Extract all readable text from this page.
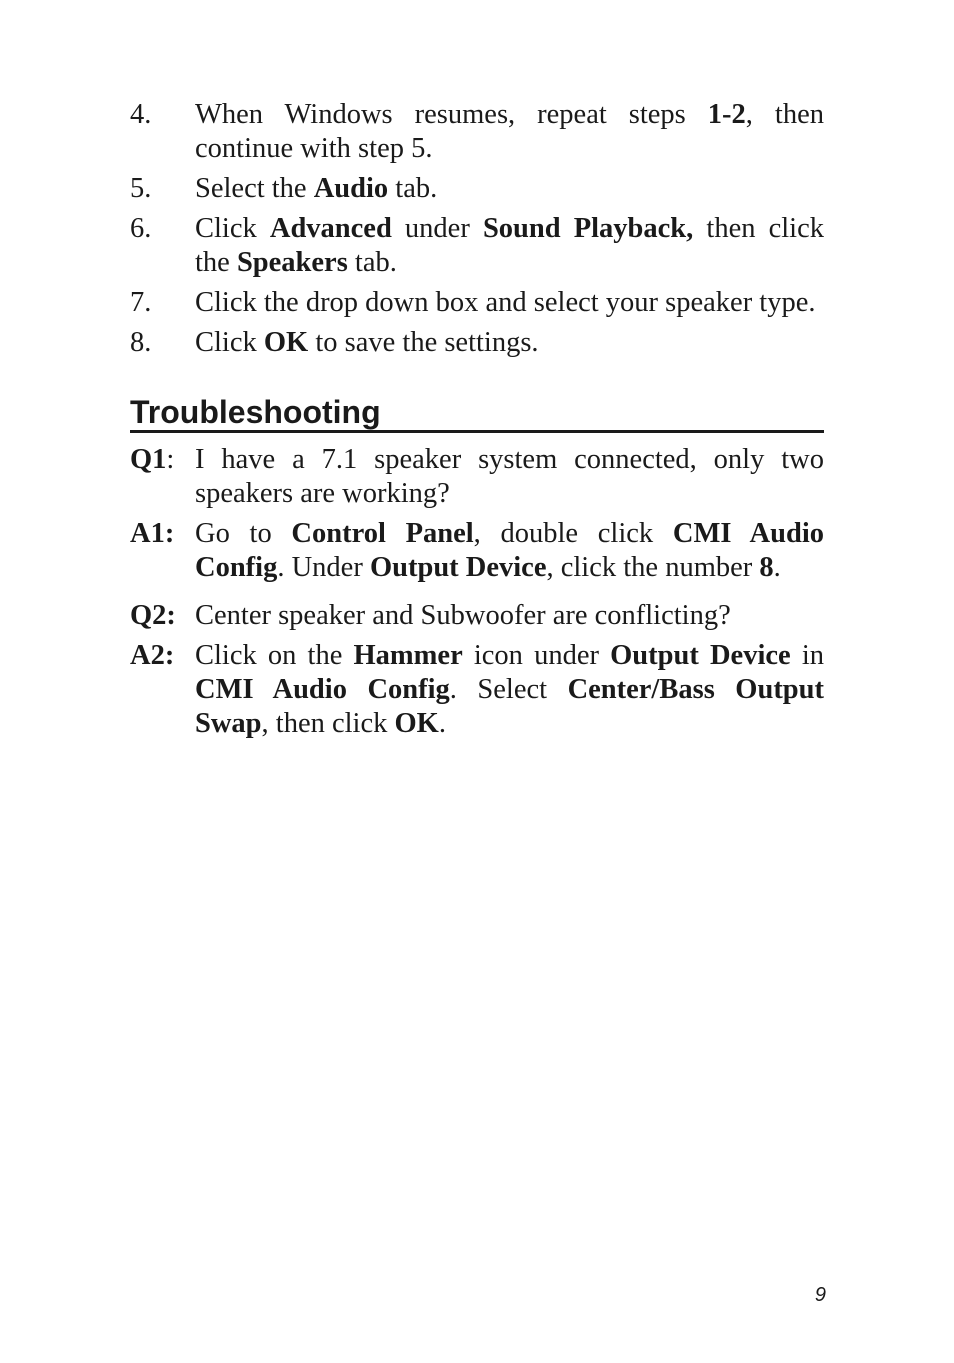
4.	When Windows resumes, repeat steps 1-2, then continue with step 5.
5.	Select the Audio tab.
6.	Click Advanced under Sound Playback, then click the Speakers tab.
7.	Click the drop down box and select your speaker type.
8.	Click OK to save the settings.
Troubleshooting
Q1: I have a 7.1 speaker system connected, only two speakers are working?
A1: Go to Control Panel, double click CMI Audio Config. Under Output Device, click the number 8.
Q2: Center speaker and Subwoofer are conflicting?
A2: Click on the Hammer icon under Output Device in CMI Audio Config. Select Center/Bass Output Swap, then click OK.
9
